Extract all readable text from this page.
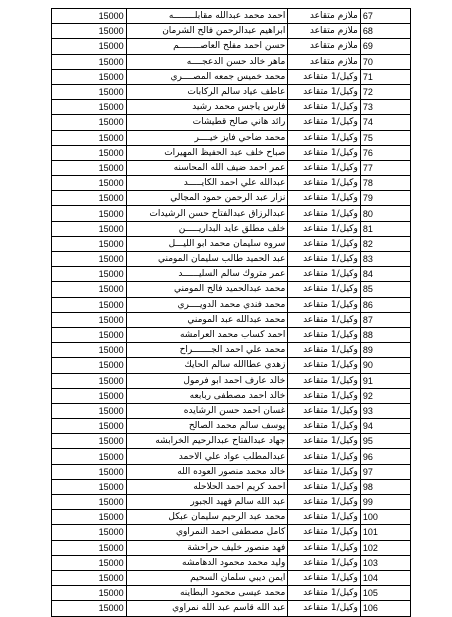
15000	احمد محمد عبدالله مقابلــــــــه	ملازم متقاعد	67
15000	ابراهيم عبدالرحمن فالح الشرمان	ملازم متقاعد	68
15000	حسن احمد مفلح العاصــــــــم	ملازم متقاعد	69
15000	ماهر خالد حسن الدعجــــه	ملازم متقاعد	70
15000	محمد خميس جمعه المصــــري	وكيل/1 متقاعد	71
15000	عاطف عياد سالم الركابات	وكيل/1 متقاعد	72
15000	فارس ياجس محمد رشيد	وكيل/1 متقاعد	73
15000	رائد هاني صالح قطيشات	وكيل/1 متقاعد	74
15000	محمد ضاحي فايز خيــــر	وكيل/1 متقاعد	75
15000	صباح خلف عبد الحفيظ المهيرات	وكيل/1 متقاعد	76
15000	عمر احمد ضيف الله المحاسنه	وكيل/1 متقاعد	77
15000	عبدالله علي احمد الكايـــــد	وكيل/1 متقاعد	78
15000	نزار عبد الرحمن حمود المجالي	وكيل/1 متقاعد	79
15000	عبدالرزاق عبدالفتاح حسن الرشيدات	وكيل/1 متقاعد	80
15000	خلف مطلق عايد البداريـــــن	وكيل/1 متقاعد	81
15000	سروه سليمان محمد ابو الليـــل	وكيل/1 متقاعد	82
15000	عبد الحميد طالب سليمان المومني	وكيل/1 متقاعد	83
15000	عمر متروك سالم السليــــــد	وكيل/1 متقاعد	84
15000	محمد عبدالحميد فالح المومني	وكيل/1 متقاعد	85
15000	محمد فندي محمد الدويــــري	وكيل/1 متقاعد	86
15000	محمد عبدالله عبد المومني	وكيل/1 متقاعد	87
15000	احمد كساب محمد العرامشه	وكيل/1 متقاعد	88
15000	محمد علي احمد الجـــــــراح	وكيل/1 متقاعد	89
15000	زهدي عطاالله سالم الحايك	وكيل/1 متقاعد	90
15000	خالد عارف احمد ابو فرمول	وكيل/1 متقاعد	91
15000	خالد احمد مصطفى ربابعه	وكيل/1 متقاعد	92
15000	غسان احمد حسن الرشايده	وكيل/1 متقاعد	93
15000	يوسف سالم محمد الصالح	وكيل/1 متقاعد	94
15000	جهاد عبدالفتاح عبدالرحيم الخرابشه	وكيل/1 متقاعد	95
15000	عبدالمطلب عواد علي الاحمد	وكيل/1 متقاعد	96
15000	خالد محمد منصور العوده الله	وكيل/1 متقاعد	97
15000	احمد كريم احمد الحلاحله	وكيل/1 متقاعد	98
15000	عبد الله سالم فهيد الجبور	وكيل/1 متقاعد	99
15000	محمد عبد الرحيم سليمان عبكل	وكيل/1 متقاعد	100
15000	كامل مصطفى احمد النمراوي	وكيل/1 متقاعد	101
15000	فهد منصور خليف حراحشة	وكيل/1 متقاعد	102
15000	وليد محمد محمود الدهامشه	وكيل/1 متقاعد	103
15000	ايمن ديبي سلمان السحيم	وكيل/1 متقاعد	104
15000	محمد عيسى محمود البطاينه	وكيل/1 متقاعد	105
15000	عبد الله قاسم عبد الله نمراوي	وكيل/1 متقاعد	106
